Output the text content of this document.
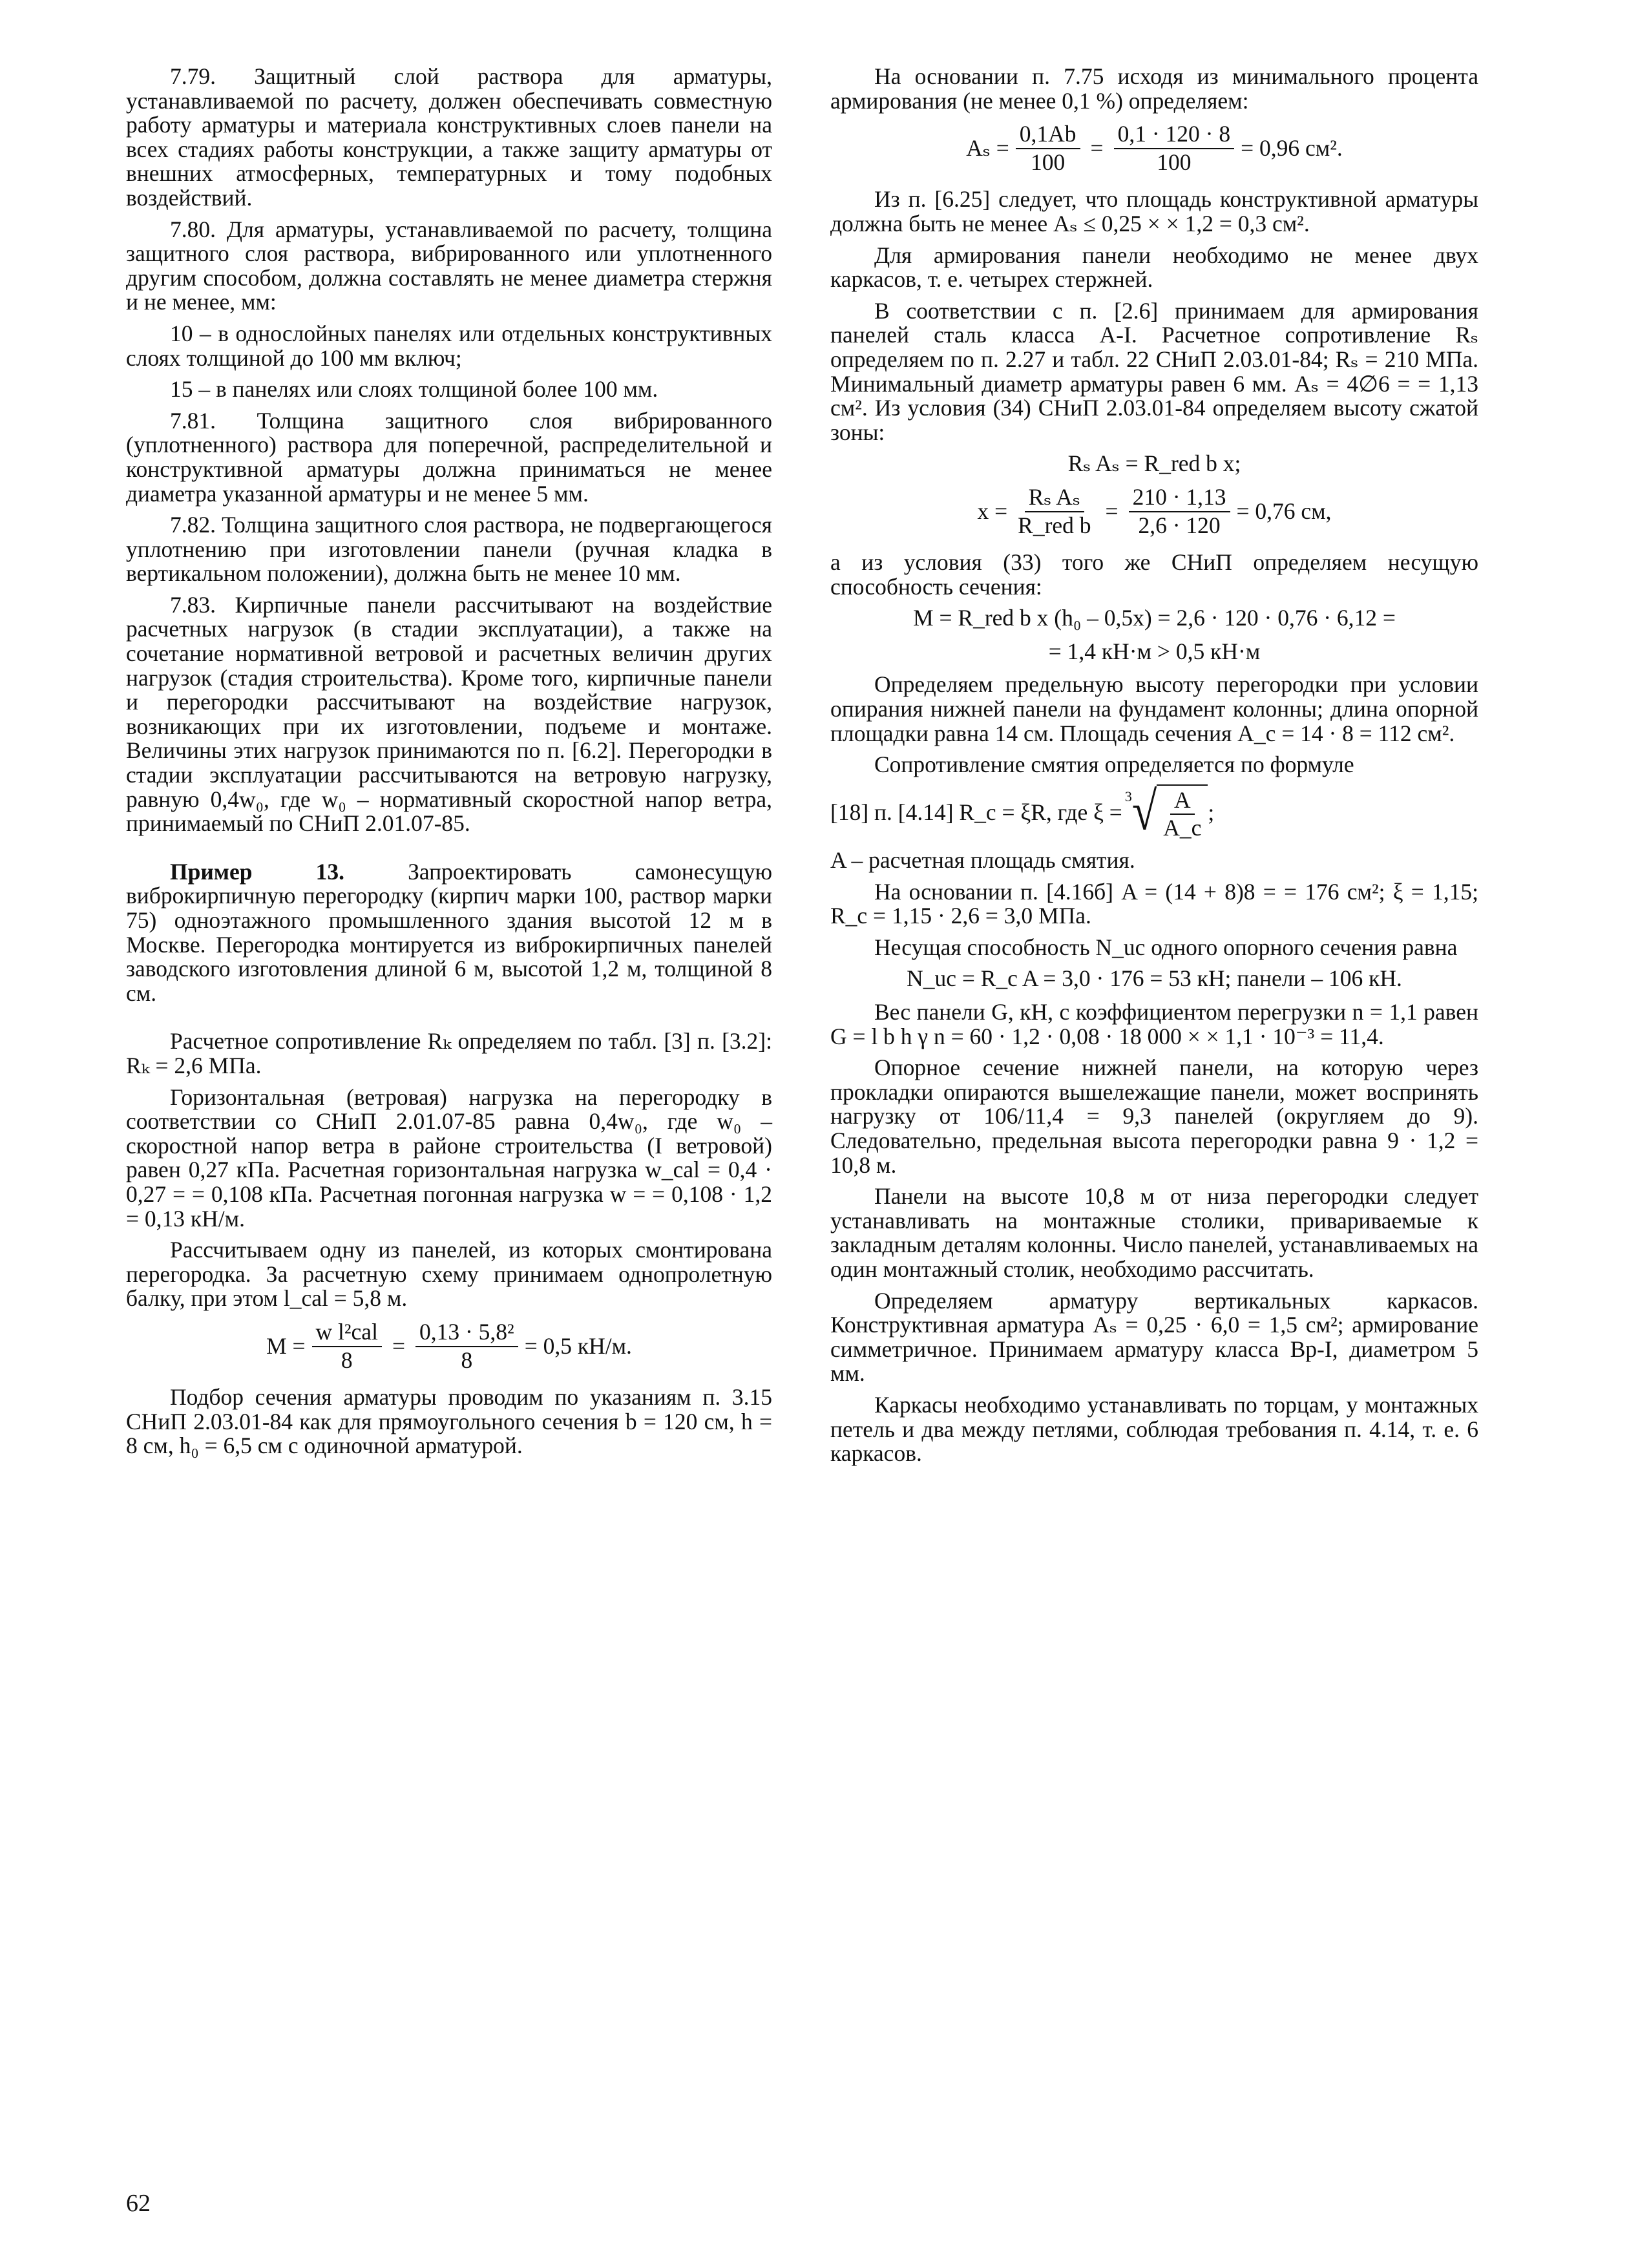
7.79. Защитный слой раствора для арматуры, устанавливаемой по расчету, должен обеспечивать совместную работу арматуры и материала конструктивных слоев панели на всех стадиях работы конструкции, а также защиту арматуры от внешних атмосферных, температурных и тому подобных воздействий.

7.80. Для арматуры, устанавливаемой по расчету, толщина защитного слоя раствора, вибрированного или уплотненного другим способом, должна составлять не менее диаметра стержня и не менее, мм:

10 – в однослойных панелях или отдельных конструктивных слоях толщиной до 100 мм включ;

15 – в панелях или слоях толщиной более 100 мм.

7.81. Толщина защитного слоя вибрированного (уплотненного) раствора для поперечной, распределительной и конструктивной арматуры должна приниматься не менее диаметра указанной арматуры и не менее 5 мм.

7.82. Толщина защитного слоя раствора, не подвергающегося уплотнению при изготовлении панели (ручная кладка в вертикальном положении), должна быть не менее 10 мм.

7.83. Кирпичные панели рассчитывают на воздействие расчетных нагрузок (в стадии эксплуатации), а также на сочетание нормативной ветровой и расчетных величин других нагрузок (стадия строительства). Кроме того, кирпичные панели и перегородки рассчитывают на воздействие нагрузок, возникающих при их изготовлении, подъеме и монтаже. Величины этих нагрузок принимаются по п. [6.2]. Перегородки в стадии эксплуатации рассчитываются на ветровую нагрузку, равную 0,4w₀, где w₀ – нормативный скоростной напор ветра, принимаемый по СНиП 2.01.07-85.

Пример 13. Запроектировать самонесущую виброкирпичную перегородку (кирпич марки 100, раствор марки 75) одноэтажного промышленного здания высотой 12 м в Москве. Перегородка монтируется из виброкирпичных панелей заводского изготовления длиной 6 м, высотой 1,2 м, толщиной 8 см.

Расчетное сопротивление Rₖ определяем по табл. [3] п. [3.2]: Rₖ = 2,6 МПа.

Горизонтальная (ветровая) нагрузка на перегородку в соответствии со СНиП 2.01.07-85 равна 0,4w₀, где w₀ – скоростной напор ветра в районе строительства (I ветровой) равен 0,27 кПа. Расчетная горизонтальная нагрузка w_cal = 0,4 · 0,27 = = 0,108 кПа. Расчетная погонная нагрузка w = = 0,108 · 1,2 = 0,13 кН/м.

Рассчитываем одну из панелей, из которых смонтирована перегородка. За расчетную схему принимаем однопролетную балку, при этом l_cal = 5,8 м.

M =
w l²cal
8
= $\frac{\text{0,13 · 5,8²}}{8} = 0,5$ кН/м.

Подбор сечения арматуры проводим по указаниям п. 3.15 СНиП 2.03.01-84 как для прямоугольного сечения b = 120 см, h = 8 см, h₀ = 6,5 см с одиночной арматурой.

На основании п. 7.75 исходя из минимального процента армирования (не менее 0,1 %) определяем:

$A_s = \frac{0,1Ab}{100} = \frac{0,1 \cdot 120 \cdot 8}{100} = 0,96$ см².

Из п. [6.25] следует, что площадь конструктивной арматуры должна быть не менее Aₛ ≤ 0,25 × × 1,2 = 0,3 см².

Для армирования панели необходимо не менее двух каркасов, т. е. четырех стержней.

В соответствии с п. [2.6] принимаем для армирования панелей сталь класса А-I. Расчетное сопротивление Rₛ определяем по п. 2.27 и табл. 22 СНиП 2.03.01-84; Rₛ = 210 МПа. Минимальный диаметр арматуры равен 6 мм. Aₛ = 4∅6 = = 1,13 см². Из условия (34) СНиП 2.03.01-84 определяем высоту сжатой зоны:

Rₛ Aₛ = R_red b x;
x =
Rₛ Aₛ
R_red b
= $\frac{210 \cdot 1,13}{2,6 \cdot 120} = 0,76$ см,

а из условия (33) того же СНиП определяем несущую способность сечения:

M = R_red b x (h₀ – 0,5x) = 2,6 · 120 · 0,76 · 6,12 =
= 1,4 кН·м > 0,5 кН·м

Определяем предельную высоту перегородки при условии опирания нижней панели на фундамент колонны; длина опорной площадки равна 14 см. Площадь сечения A_c = 14 · 8 = 112 см².

Сопротивление смятия определяется по формуле

[18] п. [4.14] R_c = ξR, где ξ =
3 √ A
A_c
;

A – расчетная площадь смятия.

На основании п. [4.16б] A = (14 + 8)8 = = 176 см²; ξ = 1,15; R_c = 1,15 · 2,6 = 3,0 МПа.

Несущая способность N_uc одного опорного сечения равна

N_uc = R_c A = 3,0 · 176 = 53 кН; панели – 106 кН.

Вес панели G, кН, с коэффициентом перегрузки n = 1,1 равен G = l b h γ n = 60 · 1,2 · 0,08 · 18 000 × × 1,1 · 10⁻³ = 11,4.

Опорное сечение нижней панели, на которую через прокладки опираются вышележащие панели, может воспринять нагрузку от 106/11,4 = 9,3 панелей (округляем до 9). Следовательно, предельная высота перегородки равна 9 · 1,2 = 10,8 м.

Панели на высоте 10,8 м от низа перегородки следует устанавливать на монтажные столики, привариваемые к закладным деталям колонны. Число панелей, устанавливаемых на один монтажный столик, необходимо рассчитать.

Определяем арматуру вертикальных каркасов. Конструктивная арматура Aₛ = 0,25 · 6,0 = 1,5 см²; армирование симметричное. Принимаем арматуру класса Вр-I, диаметром 5 мм.

Каркасы необходимо устанавливать по торцам, у монтажных петель и два между петлями, соблюдая требования п. 4.14, т. е. 6 каркасов.

62
